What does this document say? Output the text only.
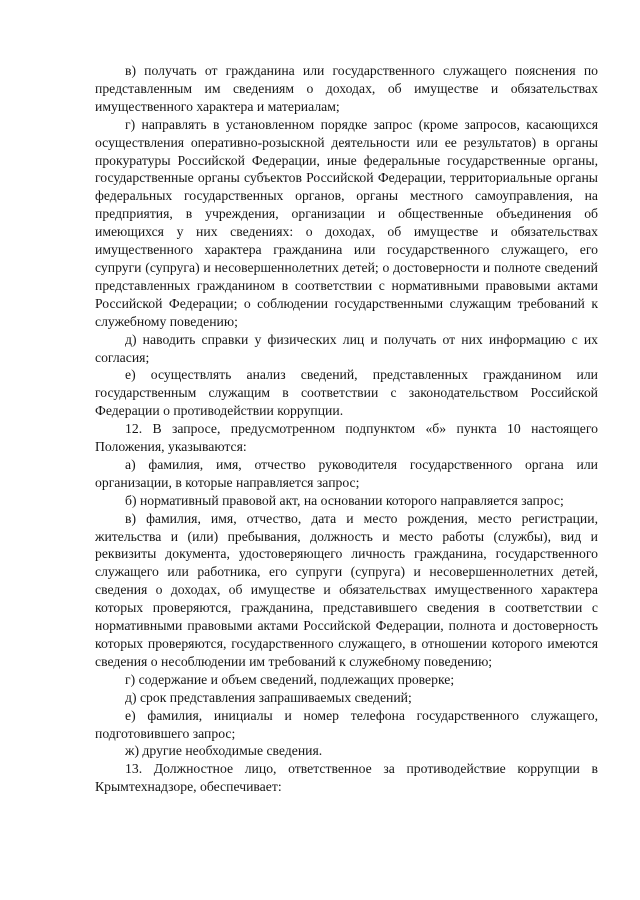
в) получать от гражданина или государственного служащего пояснения по представленным им сведениям о доходах, об имуществе и обязательствах имущественного характера и материалам;

г) направлять в установленном порядке запрос (кроме запросов, касающихся осуществления оперативно-розыскной деятельности или ее результатов) в органы прокуратуры Российской Федерации, иные федеральные государственные органы, государственные органы субъектов Российской Федерации, территориальные органы федеральных государственных органов, органы местного самоуправления, на предприятия, в учреждения, организации и общественные объединения об имеющихся у них сведениях: о доходах, об имуществе и обязательствах имущественного характера гражданина или государственного служащего, его супруги (супруга) и несовершеннолетних детей; о достоверности и полноте сведений представленных гражданином в соответствии с нормативными правовыми актами Российской Федерации; о соблюдении государственными служащим требований к служебному поведению;

д) наводить справки у физических лиц и получать от них информацию с их согласия;

е) осуществлять анализ сведений, представленных гражданином или государственным служащим в соответствии с законодательством Российской Федерации о противодействии коррупции.

12. В запросе, предусмотренном подпунктом «б» пункта 10 настоящего Положения, указываются:

а) фамилия, имя, отчество руководителя государственного органа или организации, в которые направляется запрос;

б) нормативный правовой акт, на основании которого направляется запрос;

в) фамилия, имя, отчество, дата и место рождения, место регистрации, жительства и (или) пребывания, должность и место работы (службы), вид и реквизиты документа, удостоверяющего личность гражданина, государственного служащего или работника, его супруги (супруга) и несовершеннолетних детей, сведения о доходах, об имуществе и обязательствах имущественного характера которых проверяются, гражданина, представившего сведения в соответствии с нормативными правовыми актами Российской Федерации, полнота и достоверность которых проверяются, государственного служащего, в отношении которого имеются сведения о несоблюдении им требований к служебному поведению;

г) содержание и объем сведений, подлежащих проверке;

д) срок представления запрашиваемых сведений;

е) фамилия, инициалы и номер телефона государственного служащего, подготовившего запрос;

ж) другие необходимые сведения.

13. Должностное лицо, ответственное за противодействие коррупции в Крымтехнадзоре, обеспечивает:
